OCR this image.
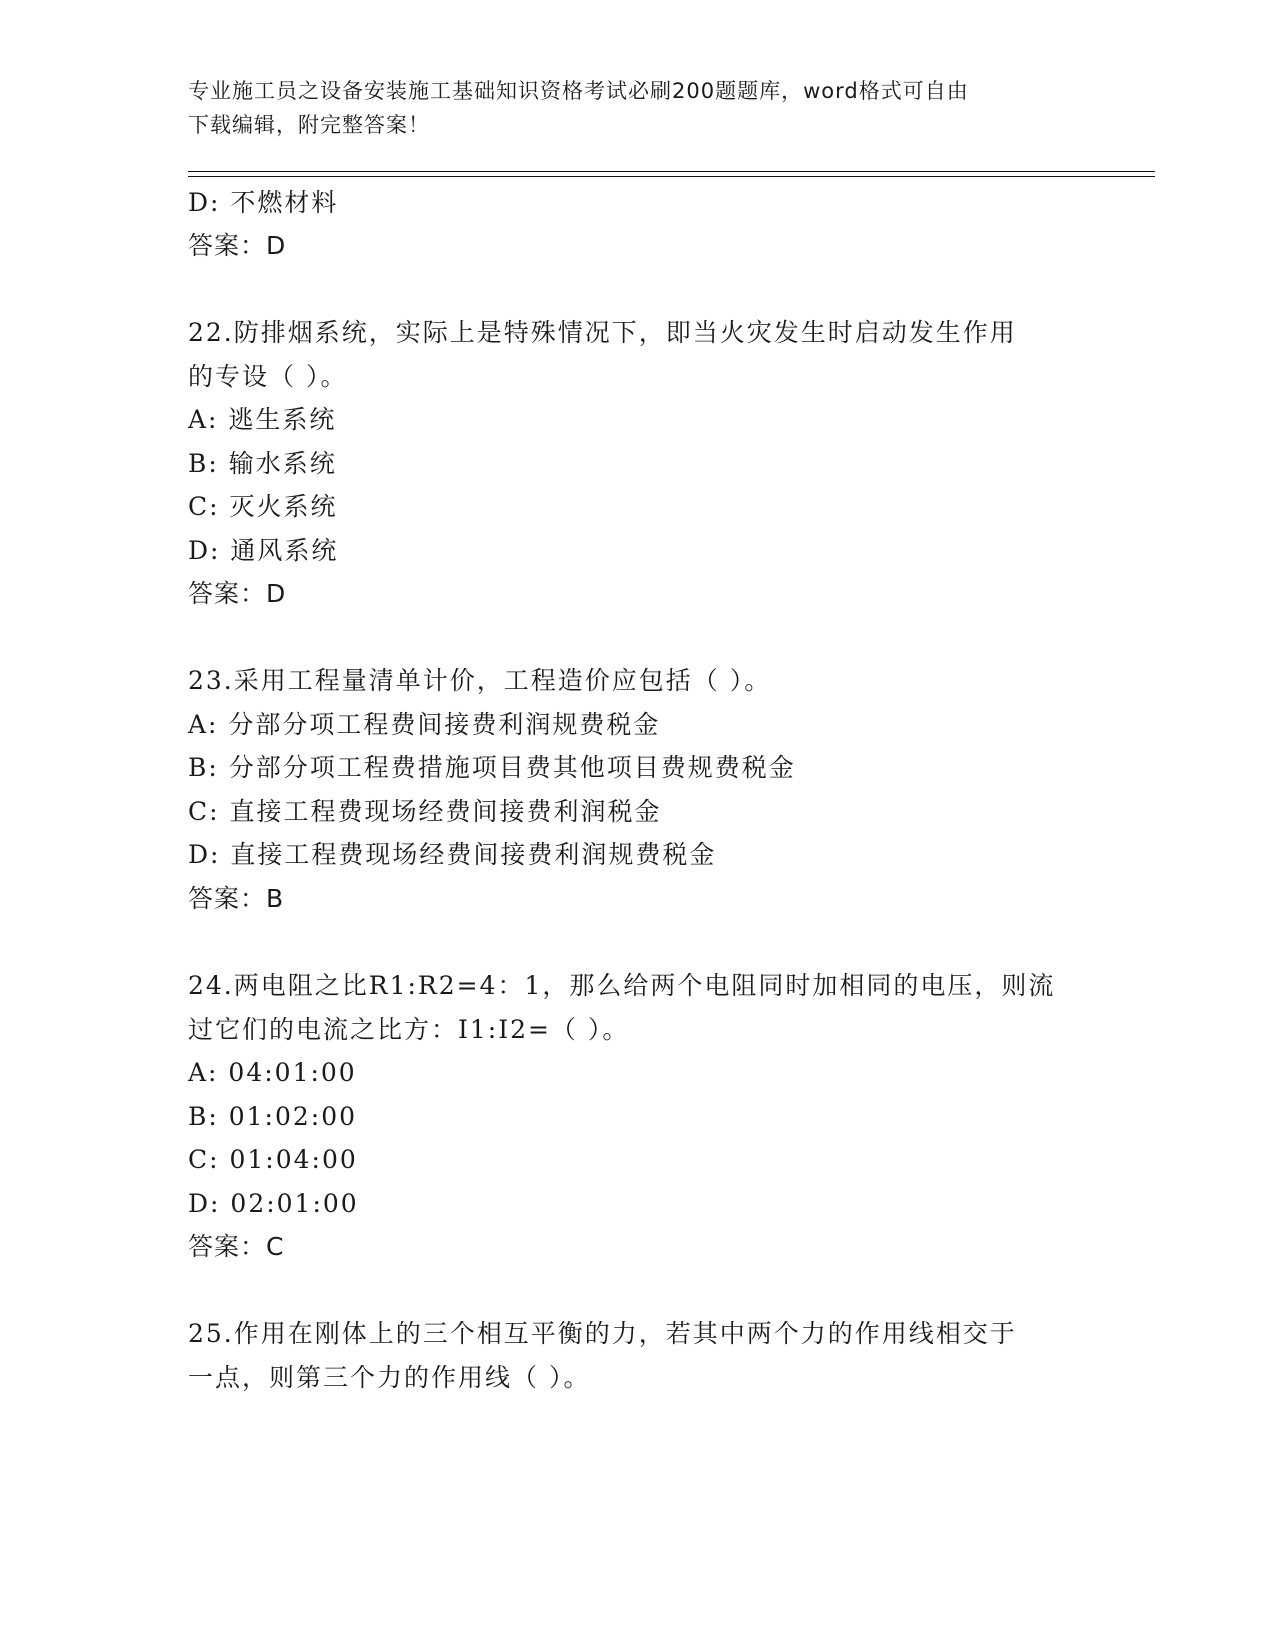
专业施工员之设备安装施工基础知识资格考试必刷200题题库，word格式可自由
下载编辑，附完整答案！
D: 不燃材料
答案：D
22.防排烟系统，实际上是特殊情况下，即当火灾发生时启动发生作用
的专设（ ）。
A: 逃生系统
B: 输水系统
C: 灭火系统
D: 通风系统
答案：D
23.采用工程量清单计价，工程造价应包括（ ）。
A: 分部分项工程费间接费利润规费税金
B: 分部分项工程费措施项目费其他项目费规费税金
C: 直接工程费现场经费间接费利润税金
D: 直接工程费现场经费间接费利润规费税金
答案：B
24.两电阻之比R1:R2=4：1，那么给两个电阻同时加相同的电压，则流
过它们的电流之比方：I1:I2=（ ）。
A: 04:01:00
B: 01:02:00
C: 01:04:00
D: 02:01:00
答案：C
25.作用在刚体上的三个相互平衡的力，若其中两个力的作用线相交于
一点，则第三个力的作用线（ ）。
